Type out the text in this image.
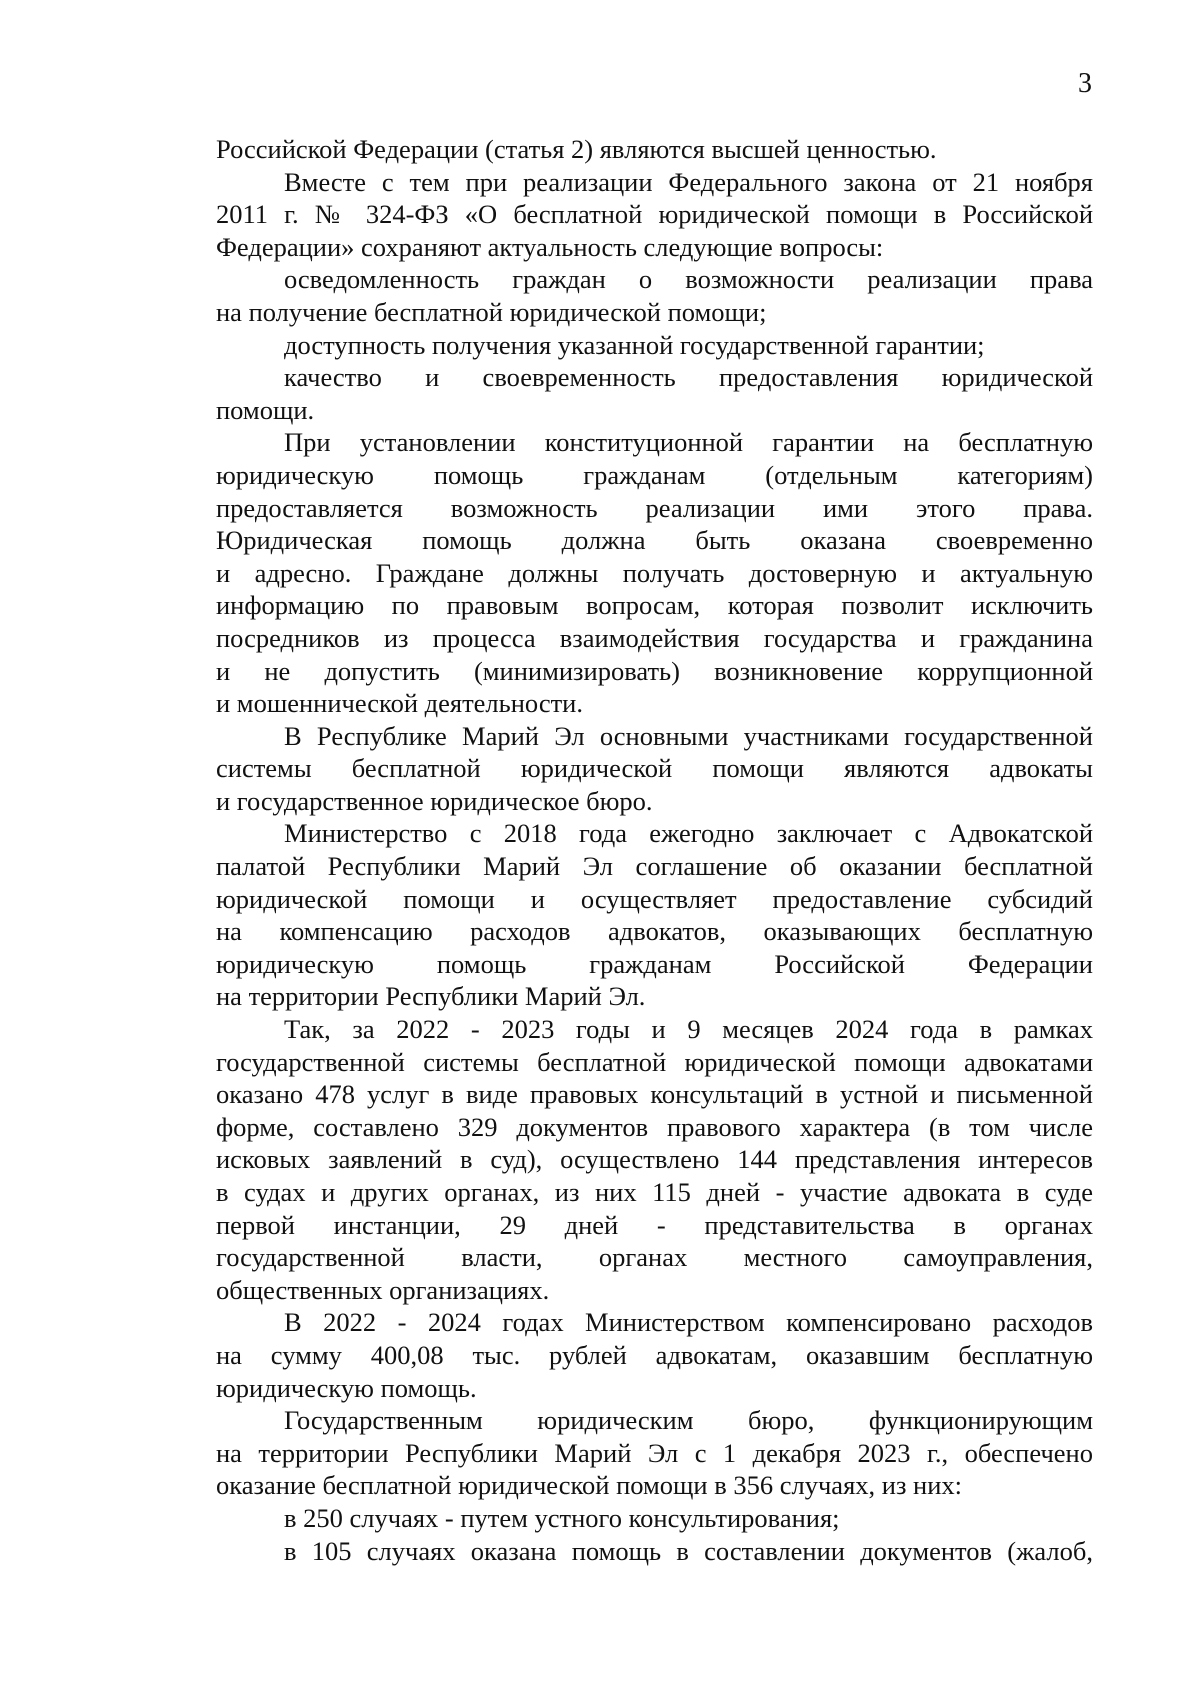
3
Российской Федерации (статья 2) являются высшей ценностью.
Вместе с тем при реализации Федерального закона от 21 ноября
2011 г. № 324-ФЗ «О бесплатной юридической помощи в Российской
Федерации» сохраняют актуальность следующие вопросы:
осведомленность граждан о возможности реализации права
на получение бесплатной юридической помощи;
доступность получения указанной государственной гарантии;
качество и своевременность предоставления юридической
помощи.
При установлении конституционной гарантии на бесплатную
юридическую помощь гражданам (отдельным категориям)
предоставляется возможность реализации ими этого права.
Юридическая помощь должна быть оказана своевременно
и адресно. Граждане должны получать достоверную и актуальную
информацию по правовым вопросам, которая позволит исключить
посредников из процесса взаимодействия государства и гражданина
и не допустить (минимизировать) возникновение коррупционной
и мошеннической деятельности.
В Республике Марий Эл основными участниками государственной
системы бесплатной юридической помощи являются адвокаты
и государственное юридическое бюро.
Министерство с 2018 года ежегодно заключает с Адвокатской
палатой Республики Марий Эл соглашение об оказании бесплатной
юридической помощи и осуществляет предоставление субсидий
на компенсацию расходов адвокатов, оказывающих бесплатную
юридическую помощь гражданам Российской Федерации
на территории Республики Марий Эл.
Так, за 2022 - 2023 годы и 9 месяцев 2024 года в рамках
государственной системы бесплатной юридической помощи адвокатами
оказано 478 услуг в виде правовых консультаций в устной и письменной
форме, составлено 329 документов правового характера (в том числе
исковых заявлений в суд), осуществлено 144 представления интересов
в судах и других органах, из них 115 дней - участие адвоката в суде
первой инстанции, 29 дней - представительства в органах
государственной власти, органах местного самоуправления,
общественных организациях.
В 2022 - 2024 годах Министерством компенсировано расходов
на сумму 400,08 тыс. рублей адвокатам, оказавшим бесплатную
юридическую помощь.
Государственным юридическим бюро, функционирующим
на территории Республики Марий Эл с 1 декабря 2023 г., обеспечено
оказание бесплатной юридической помощи в 356 случаях, из них:
в 250 случаях - путем устного консультирования;
в 105 случаях оказана помощь в составлении документов (жалоб,
